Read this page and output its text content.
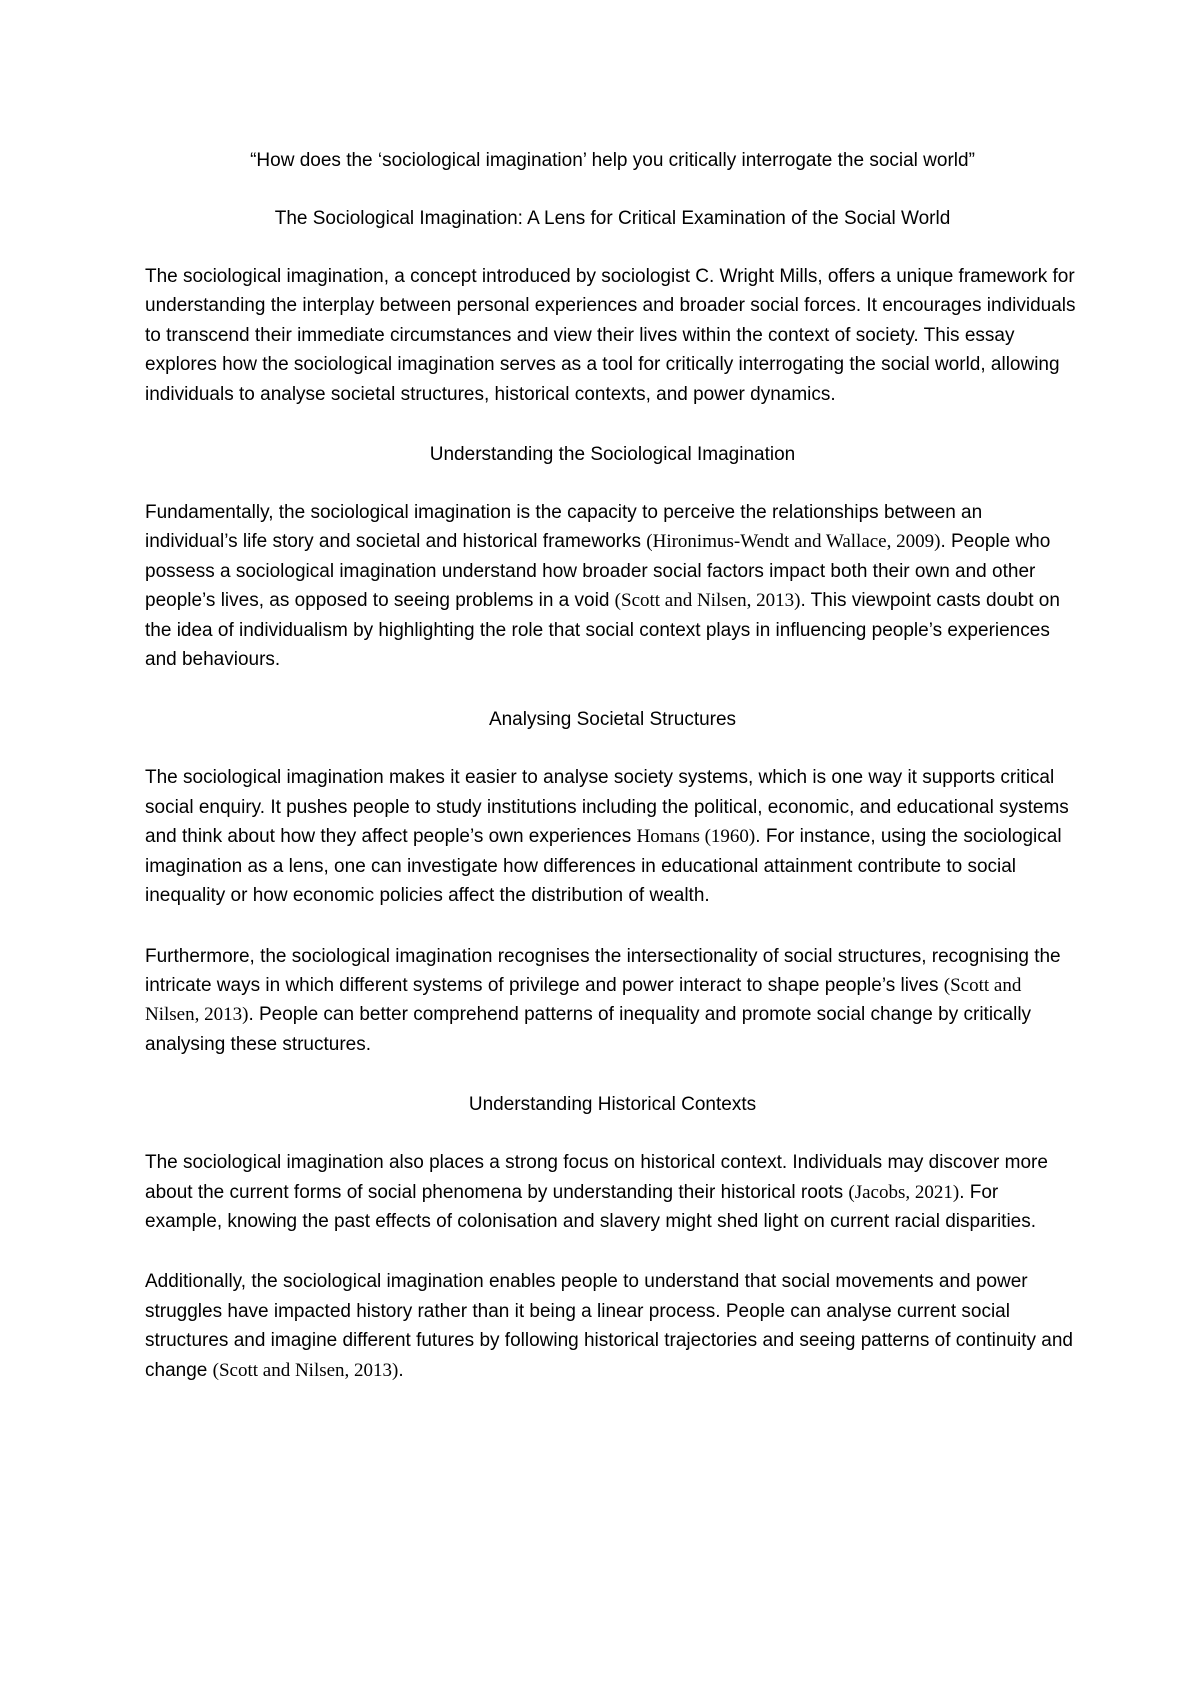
“How does the ‘sociological imagination’ help you critically interrogate the social world”

The Sociological Imagination: A Lens for Critical Examination of the Social World

The sociological imagination, a concept introduced by sociologist C. Wright Mills, offers a unique framework for understanding the interplay between personal experiences and broader social forces. It encourages individuals to transcend their immediate circumstances and view their lives within the context of society. This essay explores how the sociological imagination serves as a tool for critically interrogating the social world, allowing individuals to analyse societal structures, historical contexts, and power dynamics.

Understanding the Sociological Imagination

Fundamentally, the sociological imagination is the capacity to perceive the relationships between an individual’s life story and societal and historical frameworks (Hironimus-Wendt and Wallace, 2009). People who possess a sociological imagination understand how broader social factors impact both their own and other people’s lives, as opposed to seeing problems in a void (Scott and Nilsen, 2013). This viewpoint casts doubt on the idea of individualism by highlighting the role that social context plays in influencing people’s experiences and behaviours.

Analysing Societal Structures

The sociological imagination makes it easier to analyse society systems, which is one way it supports critical social enquiry. It pushes people to study institutions including the political, economic, and educational systems and think about how they affect people’s own experiences Homans (1960). For instance, using the sociological imagination as a lens, one can investigate how differences in educational attainment contribute to social inequality or how economic policies affect the distribution of wealth.

Furthermore, the sociological imagination recognises the intersectionality of social structures, recognising the intricate ways in which different systems of privilege and power interact to shape people’s lives (Scott and Nilsen, 2013). People can better comprehend patterns of inequality and promote social change by critically analysing these structures.

Understanding Historical Contexts

The sociological imagination also places a strong focus on historical context. Individuals may discover more about the current forms of social phenomena by understanding their historical roots (Jacobs, 2021). For example, knowing the past effects of colonisation and slavery might shed light on current racial disparities.

Additionally, the sociological imagination enables people to understand that social movements and power struggles have impacted history rather than it being a linear process. People can analyse current social structures and imagine different futures by following historical trajectories and seeing patterns of continuity and change (Scott and Nilsen, 2013).
